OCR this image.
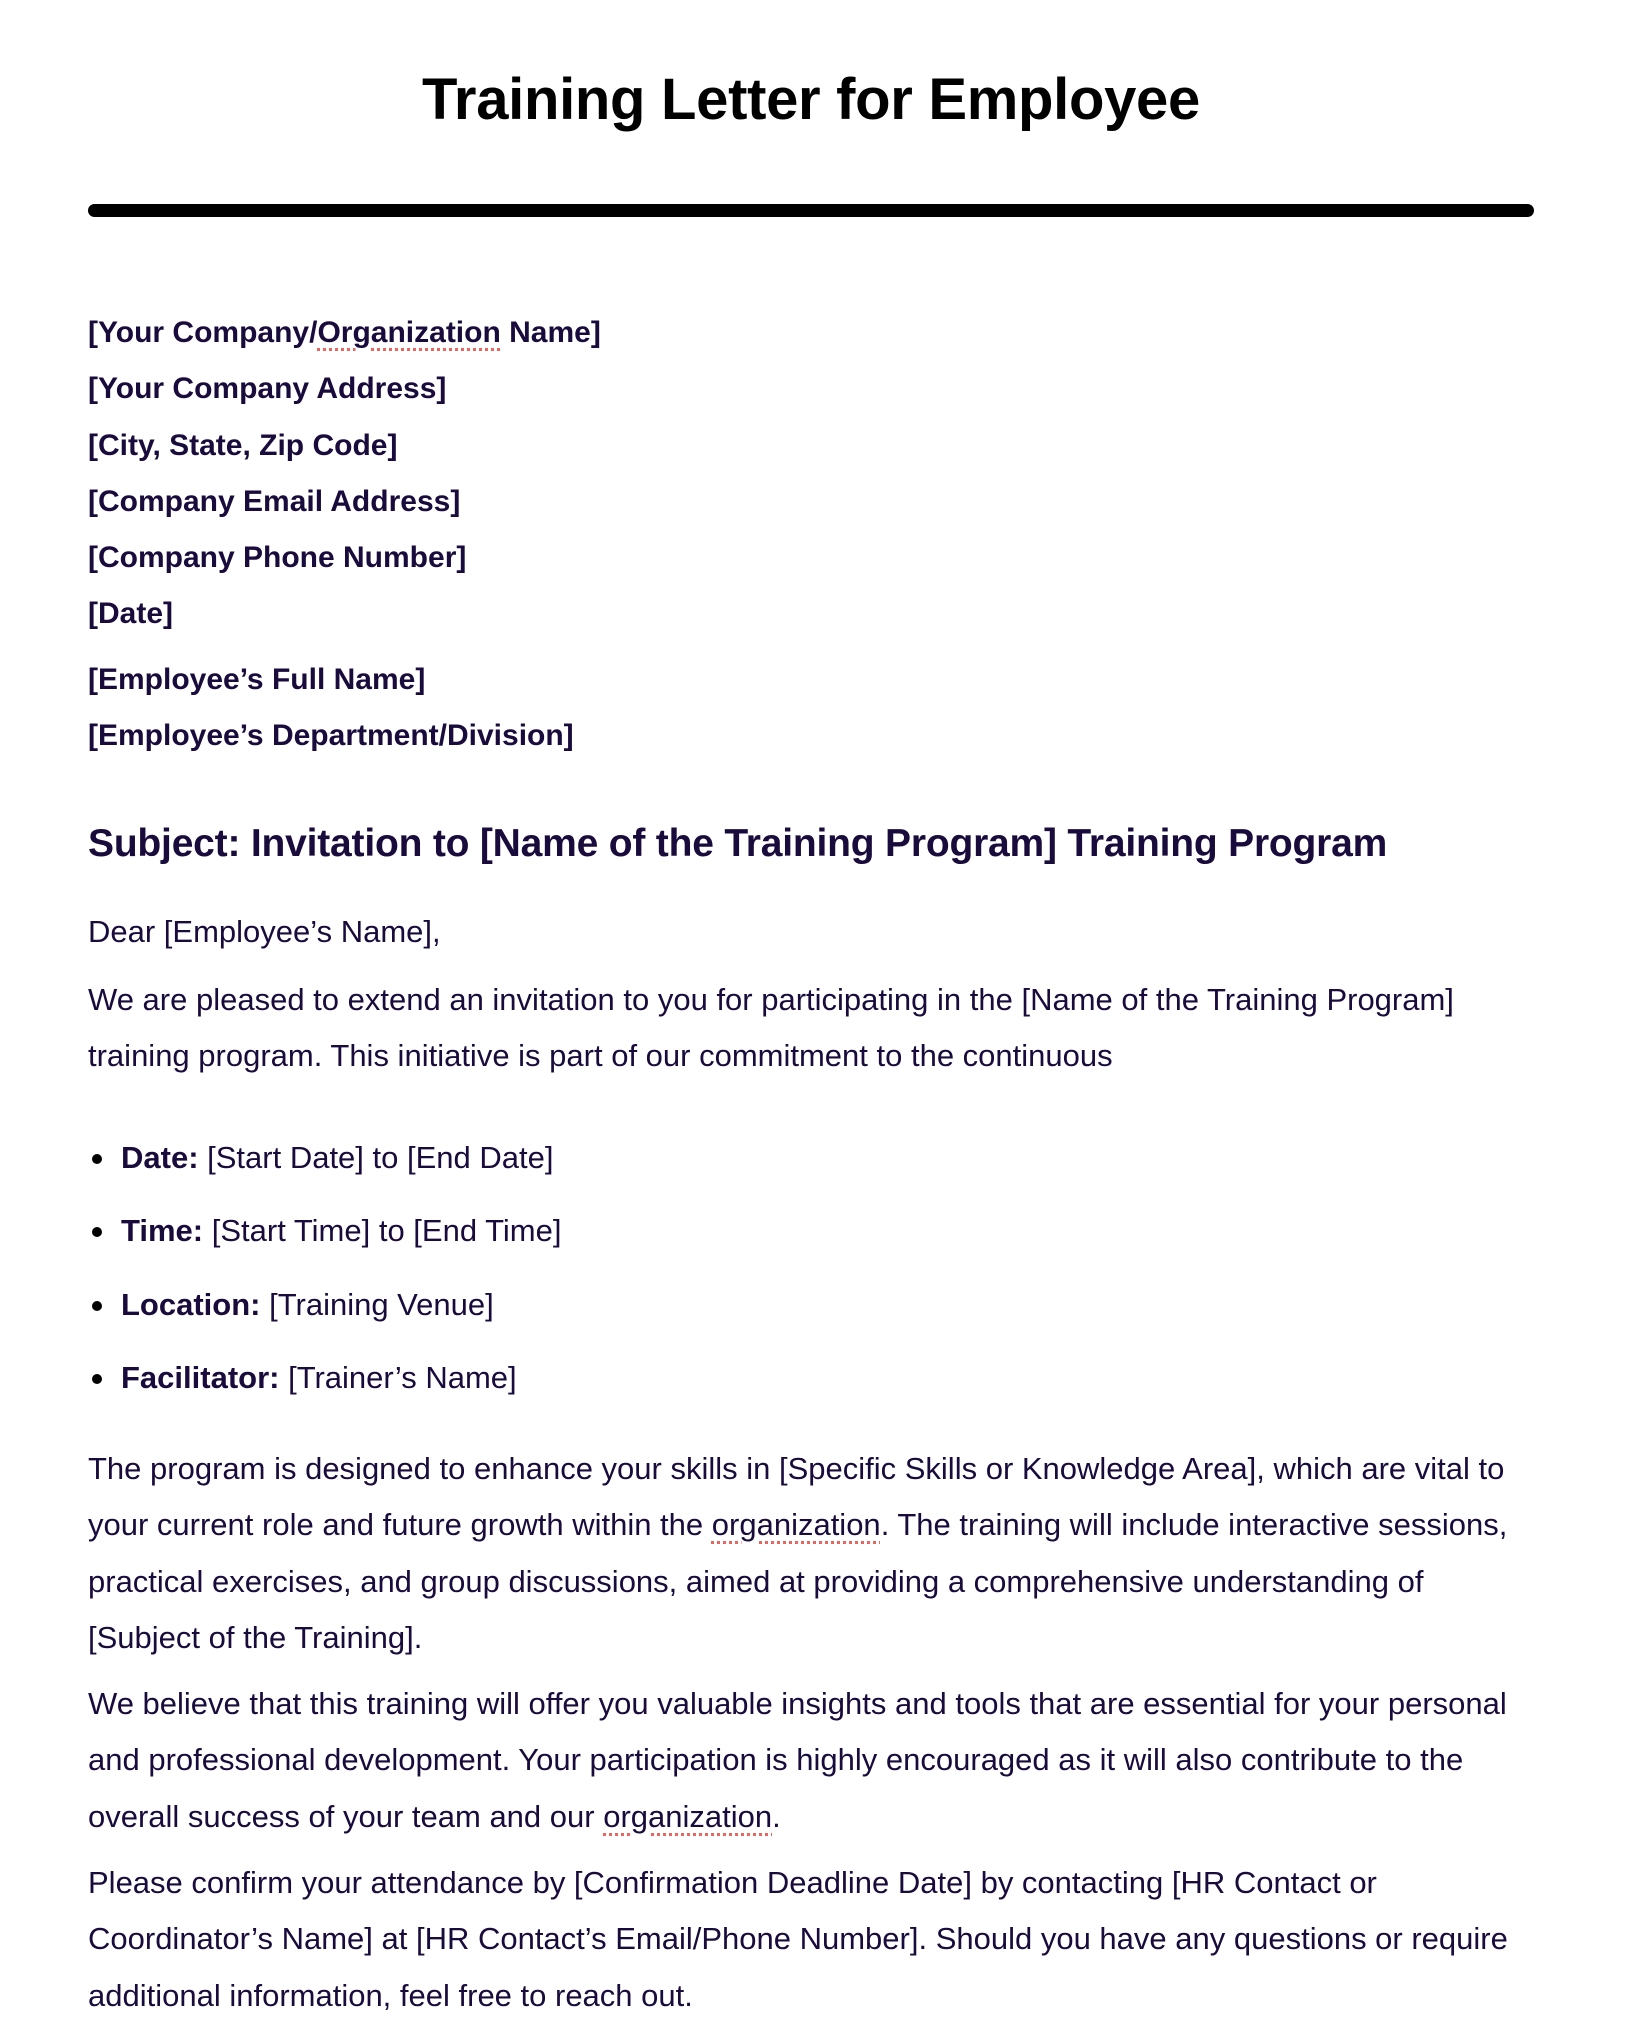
Training Letter for Employee
[Your Company/Organization Name]
[Your Company Address]
[City, State, Zip Code]
[Company Email Address]
[Company Phone Number]
[Date]
[Employee’s Full Name]
[Employee’s Department/Division]
Subject: Invitation to [Name of the Training Program] Training Program

Dear [Employee’s Name],

We are pleased to extend an invitation to you for participating in the [Name of the Training Program] training program. This initiative is part of our commitment to the continuous

Date: [Start Date] to [End Date]
Time: [Start Time] to [End Time]
Location: [Training Venue]
Facilitator: [Trainer’s Name]

The program is designed to enhance your skills in [Specific Skills or Knowledge Area], which are vital to your current role and future growth within the organization. The training will include interactive sessions, practical exercises, and group discussions, aimed at providing a comprehensive understanding of [Subject of the Training].

We believe that this training will offer you valuable insights and tools that are essential for your personal and professional development. Your participation is highly encouraged as it will also contribute to the overall success of your team and our organization.

Please confirm your attendance by [Confirmation Deadline Date] by contacting [HR Contact or Coordinator’s Name] at [HR Contact’s Email/Phone Number]. Should you have any questions or require additional information, feel free to reach out.
